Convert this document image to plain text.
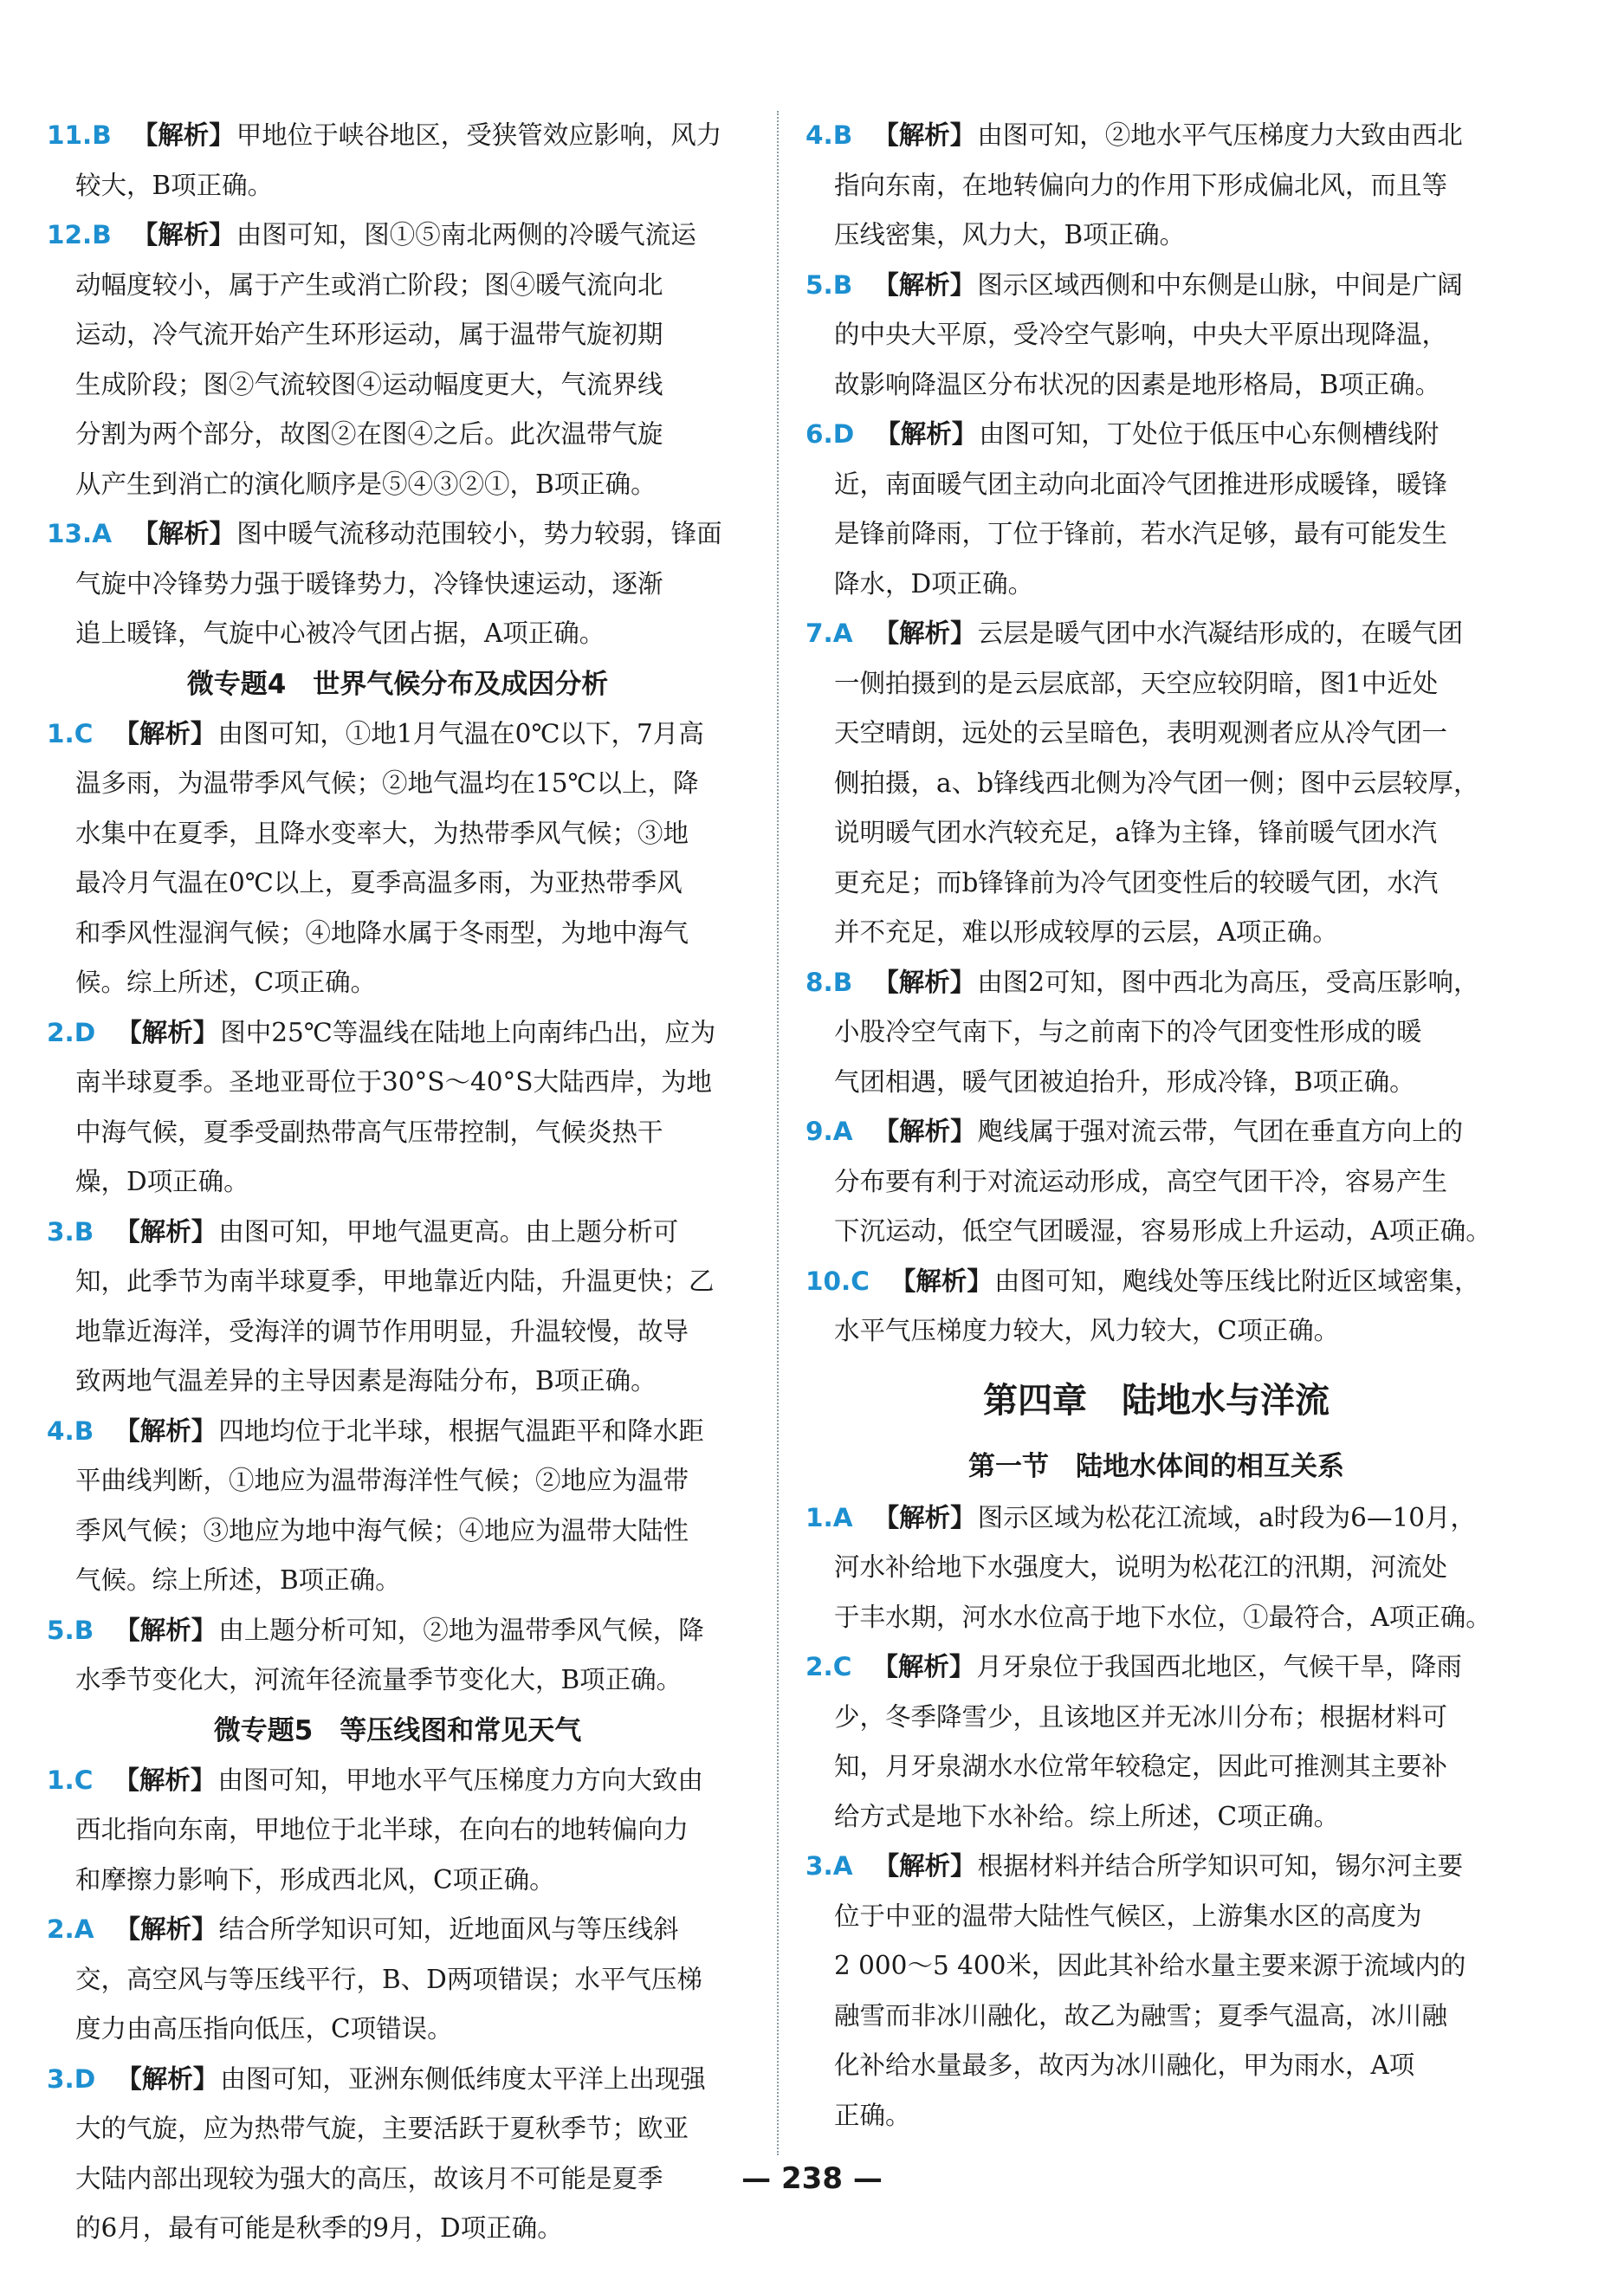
11.B 【解析】甲地位于峡谷地区，受狭管效应影响，风力
较大，B项正确。
12.B 【解析】由图可知，图①⑤南北两侧的冷暖气流运
动幅度较小，属于产生或消亡阶段；图④暖气流向北
运动，冷气流开始产生环形运动，属于温带气旋初期
生成阶段；图②气流较图④运动幅度更大，气流界线
分割为两个部分，故图②在图④之后。此次温带气旋
从产生到消亡的演化顺序是⑤④③②①，B项正确。
13.A 【解析】图中暖气流移动范围较小，势力较弱，锋面
气旋中冷锋势力强于暖锋势力，冷锋快速运动，逐渐
追上暖锋，气旋中心被冷气团占据，A项正确。
微专题4　世界气候分布及成因分析
1.C 【解析】由图可知，①地1月气温在0℃以下，7月高
温多雨，为温带季风气候；②地气温均在15℃以上，降
水集中在夏季，且降水变率大，为热带季风气候；③地
最冷月气温在0℃以上，夏季高温多雨，为亚热带季风
和季风性湿润气候；④地降水属于冬雨型，为地中海气
候。综上所述，C项正确。
2.D 【解析】图中25℃等温线在陆地上向南纬凸出，应为
南半球夏季。圣地亚哥位于30°S～40°S大陆西岸，为地
中海气候，夏季受副热带高气压带控制，气候炎热干
燥，D项正确。
3.B 【解析】由图可知，甲地气温更高。由上题分析可
知，此季节为南半球夏季，甲地靠近内陆，升温更快；乙
地靠近海洋，受海洋的调节作用明显，升温较慢，故导
致两地气温差异的主导因素是海陆分布，B项正确。
4.B 【解析】四地均位于北半球，根据气温距平和降水距
平曲线判断，①地应为温带海洋性气候；②地应为温带
季风气候；③地应为地中海气候；④地应为温带大陆性
气候。综上所述，B项正确。
5.B 【解析】由上题分析可知，②地为温带季风气候，降
水季节变化大，河流年径流量季节变化大，B项正确。
微专题5　等压线图和常见天气
1.C 【解析】由图可知，甲地水平气压梯度力方向大致由
西北指向东南，甲地位于北半球，在向右的地转偏向力
和摩擦力影响下，形成西北风，C项正确。
2.A 【解析】结合所学知识可知，近地面风与等压线斜
交，高空风与等压线平行，B、D两项错误；水平气压梯
度力由高压指向低压，C项错误。
3.D 【解析】由图可知，亚洲东侧低纬度太平洋上出现强
大的气旋，应为热带气旋，主要活跃于夏秋季节；欧亚
大陆内部出现较为强大的高压，故该月不可能是夏季
的6月，最有可能是秋季的9月，D项正确。
4.B 【解析】由图可知，②地水平气压梯度力大致由西北
指向东南，在地转偏向力的作用下形成偏北风，而且等
压线密集，风力大，B项正确。
5.B 【解析】图示区域西侧和中东侧是山脉，中间是广阔
的中央大平原，受冷空气影响，中央大平原出现降温，
故影响降温区分布状况的因素是地形格局，B项正确。
6.D 【解析】由图可知，丁处位于低压中心东侧槽线附
近，南面暖气团主动向北面冷气团推进形成暖锋，暖锋
是锋前降雨，丁位于锋前，若水汽足够，最有可能发生
降水，D项正确。
7.A 【解析】云层是暖气团中水汽凝结形成的，在暖气团
一侧拍摄到的是云层底部，天空应较阴暗，图1中近处
天空晴朗，远处的云呈暗色，表明观测者应从冷气团一
侧拍摄，a、b锋线西北侧为冷气团一侧；图中云层较厚，
说明暖气团水汽较充足，a锋为主锋，锋前暖气团水汽
更充足；而b锋锋前为冷气团变性后的较暖气团，水汽
并不充足，难以形成较厚的云层，A项正确。
8.B 【解析】由图2可知，图中西北为高压，受高压影响，
小股冷空气南下，与之前南下的冷气团变性形成的暖
气团相遇，暖气团被迫抬升，形成冷锋，B项正确。
9.A 【解析】飑线属于强对流云带，气团在垂直方向上的
分布要有利于对流运动形成，高空气团干冷，容易产生
下沉运动，低空气团暖湿，容易形成上升运动，A项正确。
10.C 【解析】由图可知，飑线处等压线比附近区域密集，
水平气压梯度力较大，风力较大，C项正确。
第四章　陆地水与洋流
第一节　陆地水体间的相互关系
1.A 【解析】图示区域为松花江流域，a时段为6—10月，
河水补给地下水强度大，说明为松花江的汛期，河流处
于丰水期，河水水位高于地下水位，①最符合，A项正确。
2.C 【解析】月牙泉位于我国西北地区，气候干旱，降雨
少，冬季降雪少，且该地区并无冰川分布；根据材料可
知，月牙泉湖水水位常年较稳定，因此可推测其主要补
给方式是地下水补给。综上所述，C项正确。
3.A 【解析】根据材料并结合所学知识可知，锡尔河主要
位于中亚的温带大陆性气候区，上游集水区的高度为
2 000～5 400米，因此其补给水量主要来源于流域内的
融雪而非冰川融化，故乙为融雪；夏季气温高，冰川融
化补给水量最多，故丙为冰川融化，甲为雨水，A项
正确。
— 238 —
